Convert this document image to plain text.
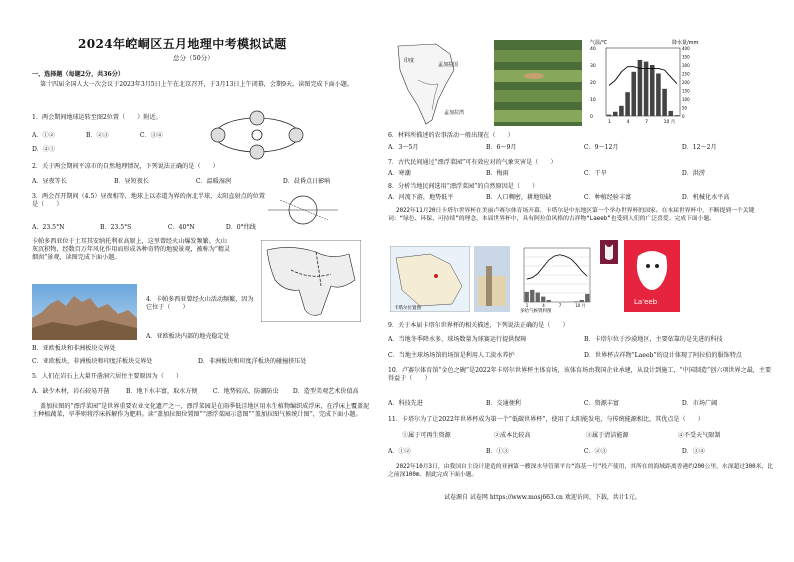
2024年崆峒区五月地理中考模拟试题
总分（50分）
一、选择题（每题2分，共36分）
第十四届全国人大一次会议于2023年3月5日上午在北京召开，于3月13日上午闭幕，会期9天。读图完成下面小题。
1．两会期间地球运转至图2位置（　　）附近。
A．①②	B．②③	C．③④
D．④①
2．关于两会期间平凉市的自然地理情况，下列说法正确的是（　　）
A．昼夜等长	B．昼短夜长	C．温暖湿润	D．晨昏点日影响
3．两会召开期间（4.5）昼夜相等，地球上以赤道为界的南北半球，太阳直射点的位置是（　　）
A．23.5°N	B．23.5°S	C．40°N	D．0°纬线
卡帕多西亚位于土耳其安纳托利亚高原上，这里曾经火山爆发频繁。火山灰沉积物，经数百万年风化作用而形成各种奇特的地貌景观，被称为“精灵烟囱”景观，读图完成下面小题。
4．卡帕多西亚曾经火山活动频繁，因为它位于（　　）
A．亚欧板块内部的地壳稳定处
B．亚欧板块和非洲板块交界处
C．亚欧板块、非洲板块和印度洋板块交界处	D．非洲板块和印度洋板块的碰撞挤压处
5．人们在岩石上大量开凿洞穴居住主要原因为（　　）
A．缺少木材，岩石较易开凿	B．地下水丰富，取水方便	C．地势较高，防潮防虫 D．造型美观艺术价值高
盖加拉图的“漂浮菜园”是世界重要农业文化遗产之一，漂浮菜园是在雨季低洼地区用水生植物编织成浮床，在浮床上覆盖泥土种植蔬菜，旱季则将浮床拆解作为肥料。读“盖加拉图位置图”“漂浮菜园示意图”“盖加拉图气候统计图”，完成下面小题。
孟加拉湾
孟加拉国
印度
气温/℃	降水量/mm
40
30
20
10
0
400
350
300
250
200
150
100
50
0
1	4	7	10 月
6．材料所描述的农事活动一般出现在（　　）
A．3～5月	B．6～9月	C．9～12月	D．12～2月
7．古代民间通过“漂浮菜园”可有效应对的气象灾害是（　　）
A．寒潮	B．梅雨	C．干旱	D．洪涝
8．分析当地民间选用“漂浮菜园”的自然原因是（　　）
A．河流下游，地势低平	B．人口稠密，耕地短缺	C．种植经验丰富	D．机械化水平高
2022年11月20日卡塔尔世界杯在美丽卢赛尔体育场开幕，卡塔尔是中东地区第一个举办世界杯的国家。在本届世界杯中，不断提到一个关键词：“绿色、环保、可持续”的理念，本届世界杯中，具有阿拉伯风格的吉祥物“Laeeb”也受到人们的广泛喜爱。完成下面小题。
卡塔尔位置图
多哈气候资料图
1	4	7	10 月	La'eeb
9．关于本届卡塔尔世界杯的相关描述，下列说法正确的是（　　）
A．当地冬季降水多，球场数量为球赛运行提供保障	B．卡塔尔位于沙漠地区，主要依靠的是先进的科技
C．当地主球场场馆的场馆是利用人工淡水养护	D．世界杯吉祥物“Laeeb”的设计体现了阿拉伯的服饰特点
10．卢赛尔体育馆“金色之碗”是2022年卡塔尔世界杯主体育场，该体育场由我国企业承建，从设计到施工，“中国制造”创六项世界之最，主要得益于（　　）
A．科技先进	B．交通便利	C．资源丰富	D．市场广阔
11．卡塔尔为了让2022年世界杯成为第一个“低碳世界杯”，使用了太阳能发电，与传统能源相比，其优点是（　　）
①属于可再生资源	②成本比较高	③属于清洁能源	④不受天气限制
A．①②	B．①③	C．②③	D．③④
2022年10月3日，由我国自主设计建造的亚洲第一艘深水导管架平台“海基一号”投产使用，其所在的海域距离香港约200公里，水深超过300米，比之前深100m。据此完成下面小题。
试卷源自 试卷网 https://www.mosj663.cn 欢迎访问、下载，共计1元。
